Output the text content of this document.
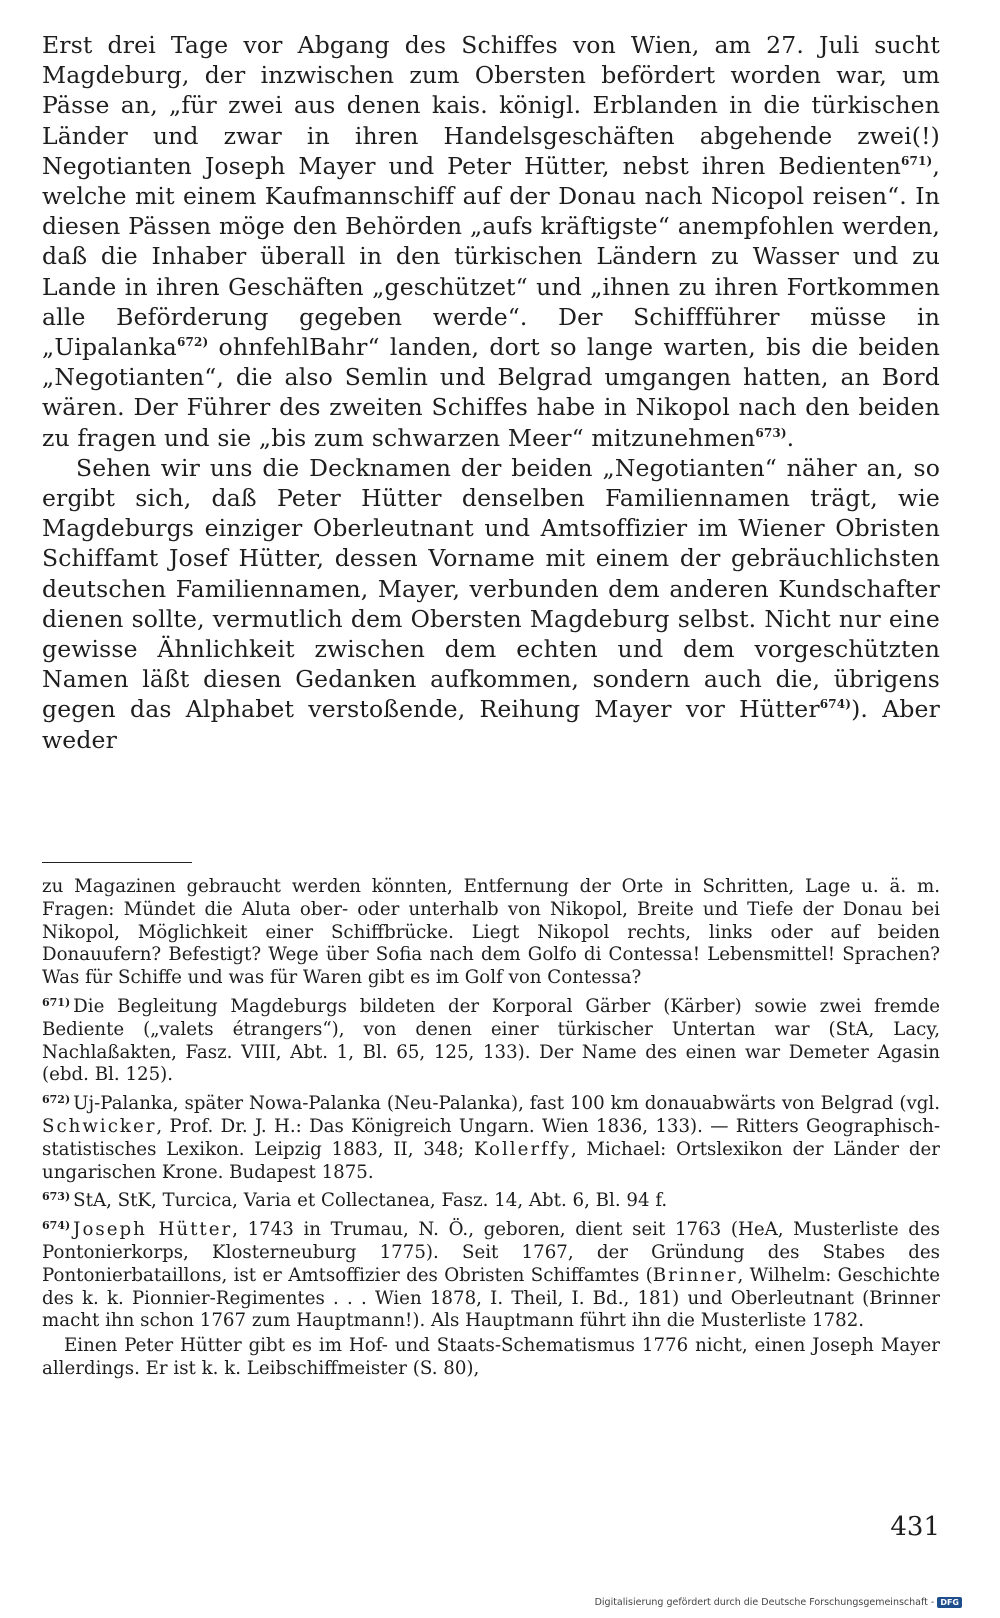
Erst drei Tage vor Abgang des Schiffes von Wien, am 27. Juli sucht Magdeburg, der inzwischen zum Obersten befördert worden war, um Pässe an, „für zwei aus denen kais. königl. Erblanden in die türkischen Länder und zwar in ihren Handelsgeschäften abgehende zwei(!) Negotianten Joseph Mayer und Peter Hütter, nebst ihren Bedienten$^{671)}$, welche mit einem Kaufmannschiff auf der Donau nach Nicopol reisen“. In diesen Pässen möge den Behörden „aufs kräftigste“ anempfohlen werden, daß die Inhaber überall in den türkischen Ländern zu Wasser und zu Lande in ihren Geschäften „geschützet“ und „ihnen zu ihren Fortkommen alle Beförderung gegeben werde“. Der Schiffführer müsse in „Uipalanka$^{672)}$ ohnfehlBahr“ landen, dort so lange warten, bis die beiden „Negotianten“, die also Semlin und Belgrad umgangen hatten, an Bord wären. Der Führer des zweiten Schiffes habe in Nikopol nach den beiden zu fragen und sie „bis zum schwarzen Meer“ mitzunehmen$^{673)}$.

Sehen wir uns die Decknamen der beiden „Negotianten“ näher an, so ergibt sich, daß Peter Hütter denselben Familiennamen trägt, wie Magdeburgs einziger Oberleutnant und Amtsoffizier im Wiener Obristen Schiffamt Josef Hütter, dessen Vorname mit einem der gebräuchlichsten deutschen Familiennamen, Mayer, verbunden dem anderen Kundschafter dienen sollte, vermutlich dem Obersten Magdeburg selbst. Nicht nur eine gewisse Ähnlichkeit zwischen dem echten und dem vorgeschützten Namen läßt diesen Gedanken aufkommen, sondern auch die, übrigens gegen das Alphabet verstoßende, Reihung Mayer vor Hütter$^{674)}$). Aber weder

zu Magazinen gebraucht werden könnten, Entfernung der Orte in Schritten, Lage u. ä. m. Fragen: Mündet die Aluta ober- oder unterhalb von Nikopol, Breite und Tiefe der Donau bei Nikopol, Möglichkeit einer Schiffbrücke. Liegt Nikopol rechts, links oder auf beiden Donauufern? Befestigt? Wege über Sofia nach dem Golfo di Contessa! Lebensmittel! Sprachen? Was für Schiffe und was für Waren gibt es im Golf von Contessa?

$^{671)}$ Die Begleitung Magdeburgs bildeten der Korporal Gärber (Kärber) sowie zwei fremde Bediente („valets étrangers“), von denen einer türkischer Untertan war (StA, Lacy, Nachlaßakten, Fasz. VIII, Abt. 1, Bl. 65, 125, 133). Der Name des einen war Demeter Agasin (ebd. Bl. 125).

$^{672)}$ Uj-Palanka, später Nowa-Palanka (Neu-Palanka), fast 100 km donauabwärts von Belgrad (vgl. Schwicker, Prof. Dr. J. H.: Das Königreich Ungarn. Wien 1836, 133). — Ritters Geographisch-statistisches Lexikon. Leipzig 1883, II, 348; Kollerffy, Michael: Ortslexikon der Länder der ungarischen Krone. Budapest 1875.

$^{673)}$ StA, StK, Turcica, Varia et Collectanea, Fasz. 14, Abt. 6, Bl. 94 f.

$^{674)}$ Joseph Hütter, 1743 in Trumau, N. Ö., geboren, dient seit 1763 (HeA, Musterliste des Pontonierkorps, Klosterneuburg 1775). Seit 1767, der Gründung des Stabes des Pontonierbataillons, ist er Amtsoffizier des Obristen Schiffamtes (Brinner, Wilhelm: Geschichte des k. k. Pionnier-Regimentes . . . Wien 1878, I. Theil, I. Bd., 181) und Oberleutnant (Brinner macht ihn schon 1767 zum Hauptmann!). Als Hauptmann führt ihn die Musterliste 1782.

Einen Peter Hütter gibt es im Hof- und Staats-Schematismus 1776 nicht, einen Joseph Mayer allerdings. Er ist k. k. Leibschiffmeister (S. 80),

431
Digitalisierung gefördert durch die Deutsche Forschungsgemeinschaft - DFG
